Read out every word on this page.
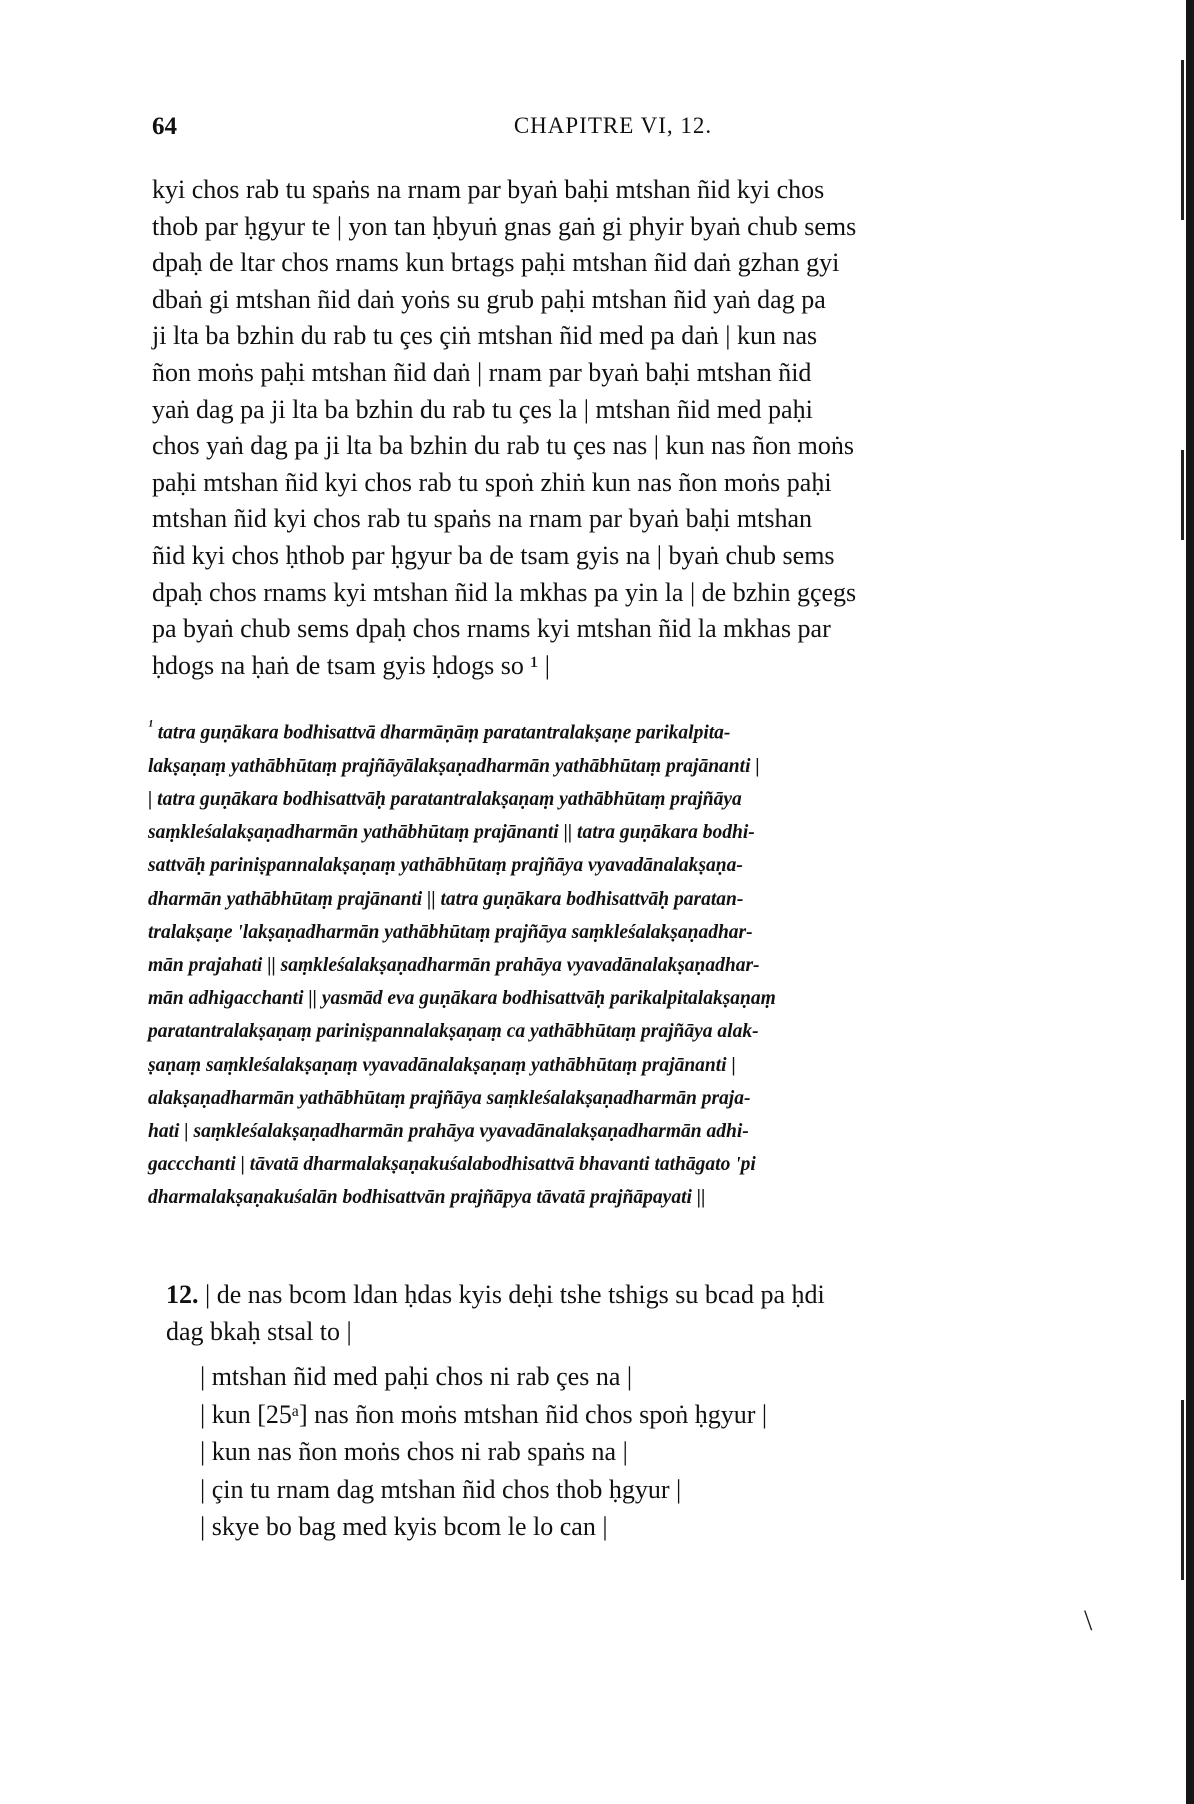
\
64	CHAPITRE VI, 12.
kyi chos rab tu spaṅs na rnam par byaṅ baḥi mtshan ñid kyi chos
thob par ḥgyur te | yon tan ḥbyuṅ gnas gaṅ gi phyir byaṅ chub sems
dpaḥ de ltar chos rnams kun brtags paḥi mtshan ñid daṅ gzhan gyi
dbaṅ gi mtshan ñid daṅ yoṅs su grub paḥi mtshan ñid yaṅ dag pa
ji lta ba bzhin du rab tu çes çiṅ mtshan ñid med pa daṅ | kun nas
ñon moṅs paḥi mtshan ñid daṅ | rnam par byaṅ baḥi mtshan ñid
yaṅ dag pa ji lta ba bzhin du rab tu çes la | mtshan ñid med paḥi
chos yaṅ dag pa ji lta ba bzhin du rab tu çes nas | kun nas ñon moṅs
paḥi mtshan ñid kyi chos rab tu spoṅ zhiṅ kun nas ñon moṅs paḥi
mtshan ñid kyi chos rab tu spaṅs na rnam par byaṅ baḥi mtshan
ñid kyi chos ḥthob par ḥgyur ba de tsam gyis na | byaṅ chub sems
dpaḥ chos rnams kyi mtshan ñid la mkhas pa yin la | de bzhin gçegs
pa byaṅ chub sems dpaḥ chos rnams kyi mtshan ñid la mkhas par
ḥdogs na ḥaṅ de tsam gyis ḥdogs so ¹ |
$^{^1}$ tatra guṇākara bodhisattvā dharmāṇāṃ paratantralakṣaṇe parikalpita-
lakṣaṇaṃ yathābhūtaṃ prajñāyālakṣaṇadharmān yathābhūtaṃ prajānanti |
| tatra guṇākara bodhisattvāḥ paratantralakṣaṇaṃ yathābhūtaṃ prajñāya
saṃkleśalakṣaṇadharmān yathābhūtaṃ prajānanti || tatra guṇākara bodhi-
sattvāḥ pariniṣpannalakṣaṇaṃ yathābhūtaṃ prajñāya vyavadānalakṣaṇa-
dharmān yathābhūtaṃ prajānanti || tatra guṇākara bodhisattvāḥ paratan-
tralakṣaṇe 'lakṣaṇadharmān yathābhūtaṃ prajñāya saṃkleśalakṣaṇadhar-
mān prajahati || saṃkleśalakṣaṇadharmān prahāya vyavadānalakṣaṇadhar-
mān adhigacchanti || yasmād eva guṇākara bodhisattvāḥ parikalpitalakṣaṇaṃ
paratantralakṣaṇaṃ pariniṣpannalakṣaṇaṃ ca yathābhūtaṃ prajñāya alak-
ṣaṇaṃ saṃkleśalakṣaṇaṃ vyavadānalakṣaṇaṃ yathābhūtaṃ prajānanti |
alakṣaṇadharmān yathābhūtaṃ prajñāya saṃkleśalakṣaṇadharmān praja-
hati | saṃkleśalakṣaṇadharmān prahāya vyavadānalakṣaṇadharmān adhi-
gaccchanti | tāvatā dharmalakṣaṇakuśalabodhisattvā bhavanti tathāgato 'pi
dharmalakṣaṇakuśalān bodhisattvān prajñāpya tāvatā prajñāpayati ||
12. | de nas bcom ldan ḥdas kyis deḥi tshe tshigs su bcad pa ḥdi
dag bkaḥ stsal to |
| mtshan ñid med paḥi chos ni rab çes na |
| kun [25ᵃ] nas ñon moṅs mtshan ñid chos spoṅ ḥgyur |
| kun nas ñon moṅs chos ni rab spaṅs na |
| çin tu rnam dag mtshan ñid chos thob ḥgyur |
| skye bo bag med kyis bcom le lo can |
